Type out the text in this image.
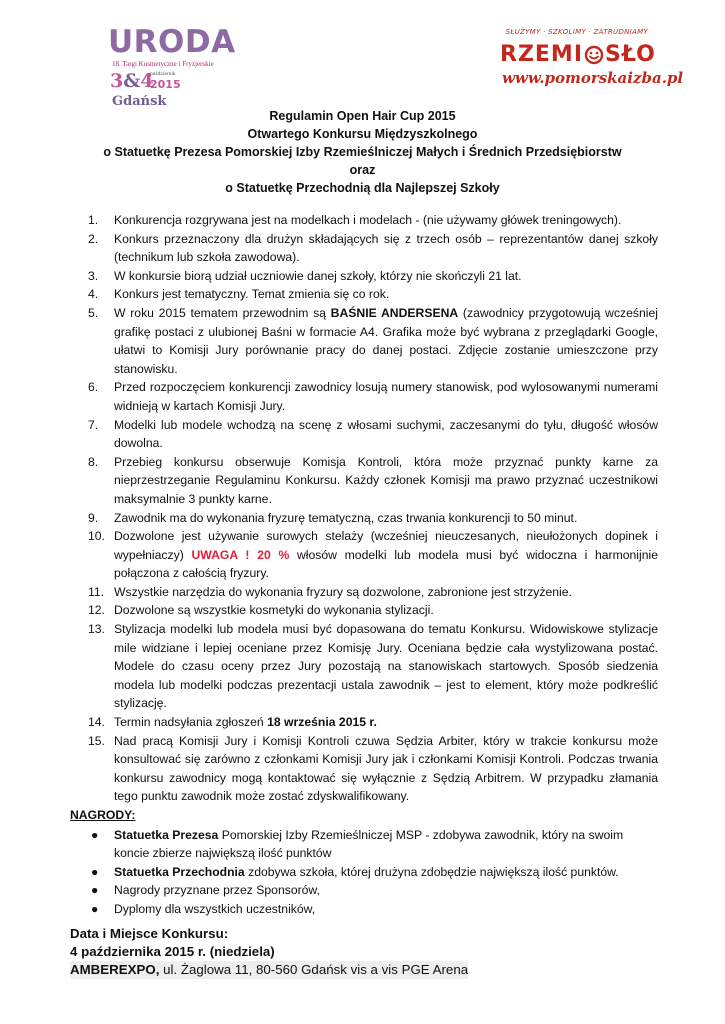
URODA
18. Targi Kosmetyczne i Fryzjerskie
3&4
październik
2015
Gdańsk
SŁUŻYMY · SZKOLIMY · ZATRUDNIAMY
RZEMI SŁO
www.pomorskaizba.pl
Regulamin Open Hair Cup 2015
Otwartego Konkursu Międzyszkolnego
o Statuetkę Prezesa Pomorskiej Izby Rzemieślniczej Małych i Średnich Przedsiębiorstw
oraz
o Statuetkę Przechodnią dla Najlepszej Szkoły
1. Konkurencja rozgrywana jest na modelkach i modelach - (nie używamy główek treningowych).
2. Konkurs przeznaczony dla drużyn składających się z trzech osób – reprezentantów danej szkoły (technikum lub szkoła zawodowa).
3. W konkursie biorą udział uczniowie danej szkoły, którzy nie skończyli 21 lat.
4. Konkurs jest tematyczny. Temat zmienia się co rok.
5. W roku 2015 tematem przewodnim są BAŚNIE ANDERSENA (zawodnicy przygotowują wcześniej grafikę postaci z ulubionej Baśni w formacie A4. Grafika może być wybrana z przeglądarki Google, ułatwi to Komisji Jury porównanie pracy do danej postaci. Zdjęcie zostanie umieszczone przy stanowisku.
6. Przed rozpoczęciem konkurencji zawodnicy losują numery stanowisk, pod wylosowanymi numerami widnieją w kartach Komisji Jury.
7. Modelki lub modele wchodzą na scenę z włosami suchymi, zaczesanymi do tyłu, długość włosów dowolna.
8. Przebieg konkursu obserwuje Komisja Kontroli, która może przyznać punkty karne za nieprzestrzeganie Regulaminu Konkursu. Każdy członek Komisji ma prawo przyznać uczestnikowi maksymalnie 3 punkty karne.
9. Zawodnik ma do wykonania fryzurę tematyczną, czas trwania konkurencji to 50 minut.
10. Dozwolone jest używanie surowych stelaży (wcześniej nieuczesanych, nieułożonych dopinek i wypełniaczy) UWAGA ! 20 % włosów modelki lub modela musi być widoczna i harmonijnie połączona z całością fryzury.
11. Wszystkie narzędzia do wykonania fryzury są dozwolone, zabronione jest strzyżenie.
12. Dozwolone są wszystkie kosmetyki do wykonania stylizacji.
13. Stylizacja modelki lub modela musi być dopasowana do tematu Konkursu. Widowiskowe stylizacje mile widziane i lepiej oceniane przez Komisję Jury. Oceniana będzie cała wystylizowana postać. Modele do czasu oceny przez Jury pozostają na stanowiskach startowych. Sposób siedzenia modela lub modelki podczas prezentacji ustala zawodnik – jest to element, który może podkreślić stylizację.
14. Termin nadsyłania zgłoszeń 18 września 2015 r.
15. Nad pracą Komisji Jury i Komisji Kontroli czuwa Sędzia Arbiter, który w trakcie konkursu może konsultować się zarówno z członkami Komisji Jury jak i członkami Komisji Kontroli. Podczas trwania konkursu zawodnicy mogą kontaktować się wyłącznie z Sędzią Arbitrem. W przypadku złamania tego punktu zawodnik może zostać zdyskwalifikowany.
NAGRODY:
● Statuetka Prezesa Pomorskiej Izby Rzemieślniczej MSP - zdobywa zawodnik, który na swoim koncie zbierze największą ilość punktów
● Statuetka Przechodnia zdobywa szkoła, której drużyna zdobędzie największą ilość punktów.
● Nagrody przyznane przez Sponsorów,
● Dyplomy dla wszystkich uczestników,
Data i Miejsce Konkursu:
4 października 2015 r. (niedziela)
AMBEREXPO, ul. Żaglowa 11, 80-560 Gdańsk vis a vis PGE Arena
